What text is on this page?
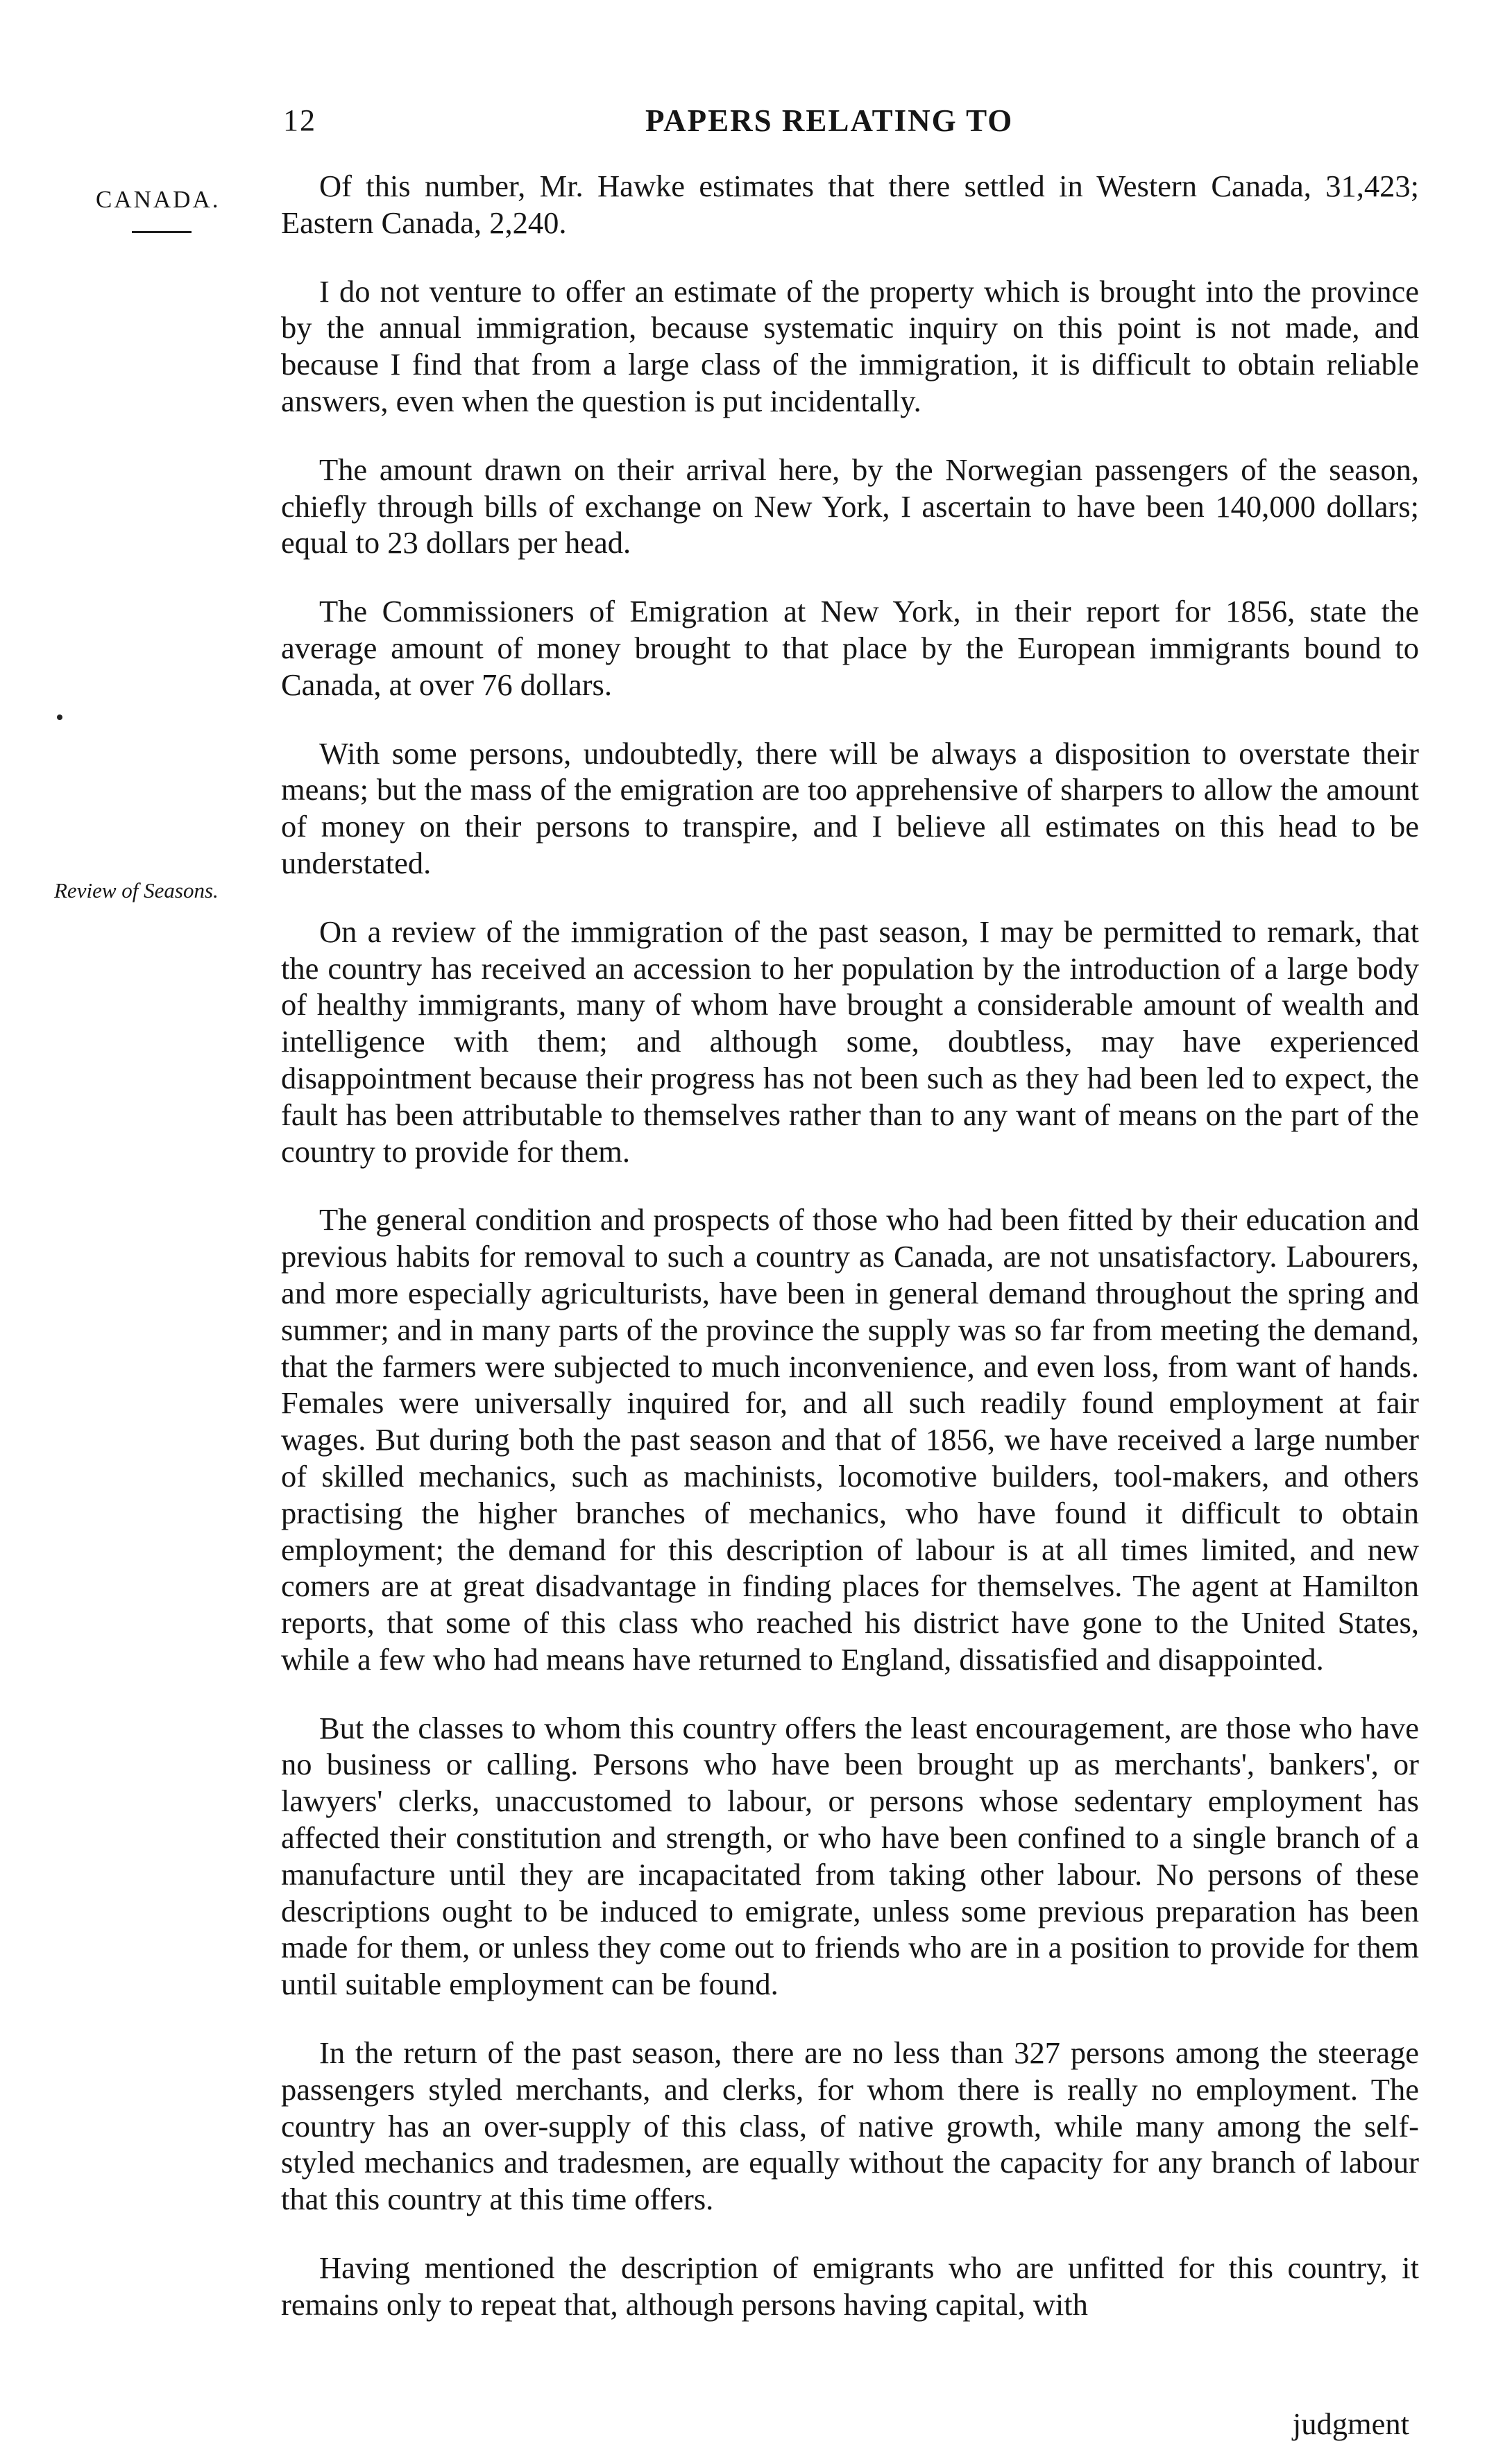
12	PAPERS RELATING TO
CANADA.
Review of Seasons.

Of this number, Mr. Hawke estimates that there settled in Western Canada, 31,423; Eastern Canada, 2,240.

I do not venture to offer an estimate of the property which is brought into the province by the annual immigration, because systematic inquiry on this point is not made, and because I find that from a large class of the immigration, it is difficult to obtain reliable answers, even when the question is put incidentally.

The amount drawn on their arrival here, by the Norwegian passengers of the season, chiefly through bills of exchange on New York, I ascertain to have been 140,000 dollars; equal to 23 dollars per head.

The Commissioners of Emigration at New York, in their report for 1856, state the average amount of money brought to that place by the European immigrants bound to Canada, at over 76 dollars.

With some persons, undoubtedly, there will be always a disposition to overstate their means; but the mass of the emigration are too apprehensive of sharpers to allow the amount of money on their persons to transpire, and I believe all estimates on this head to be understated.

On a review of the immigration of the past season, I may be permitted to remark, that the country has received an accession to her population by the introduction of a large body of healthy immigrants, many of whom have brought a considerable amount of wealth and intelligence with them; and although some, doubtless, may have experienced disappointment because their progress has not been such as they had been led to expect, the fault has been attributable to themselves rather than to any want of means on the part of the country to provide for them.

The general condition and prospects of those who had been fitted by their education and previous habits for removal to such a country as Canada, are not unsatisfactory. Labourers, and more especially agriculturists, have been in general demand throughout the spring and summer; and in many parts of the province the supply was so far from meeting the demand, that the farmers were subjected to much inconvenience, and even loss, from want of hands. Females were universally inquired for, and all such readily found employment at fair wages. But during both the past season and that of 1856, we have received a large number of skilled mechanics, such as machinists, locomotive builders, tool-makers, and others practising the higher branches of mechanics, who have found it difficult to obtain employment; the demand for this description of labour is at all times limited, and new comers are at great disadvantage in finding places for themselves. The agent at Hamilton reports, that some of this class who reached his district have gone to the United States, while a few who had means have returned to England, dissatisfied and disappointed.

But the classes to whom this country offers the least encouragement, are those who have no business or calling. Persons who have been brought up as merchants', bankers', or lawyers' clerks, unaccustomed to labour, or persons whose sedentary employment has affected their constitution and strength, or who have been confined to a single branch of a manufacture until they are incapacitated from taking other labour. No persons of these descriptions ought to be induced to emigrate, unless some previous preparation has been made for them, or unless they come out to friends who are in a position to provide for them until suitable employment can be found.

In the return of the past season, there are no less than 327 persons among the steerage passengers styled merchants, and clerks, for whom there is really no employment. The country has an over-supply of this class, of native growth, while many among the self-styled mechanics and tradesmen, are equally without the capacity for any branch of labour that this country at this time offers.

Having mentioned the description of emigrants who are unfitted for this country, it remains only to repeat that, although persons having capital, with

judgment
